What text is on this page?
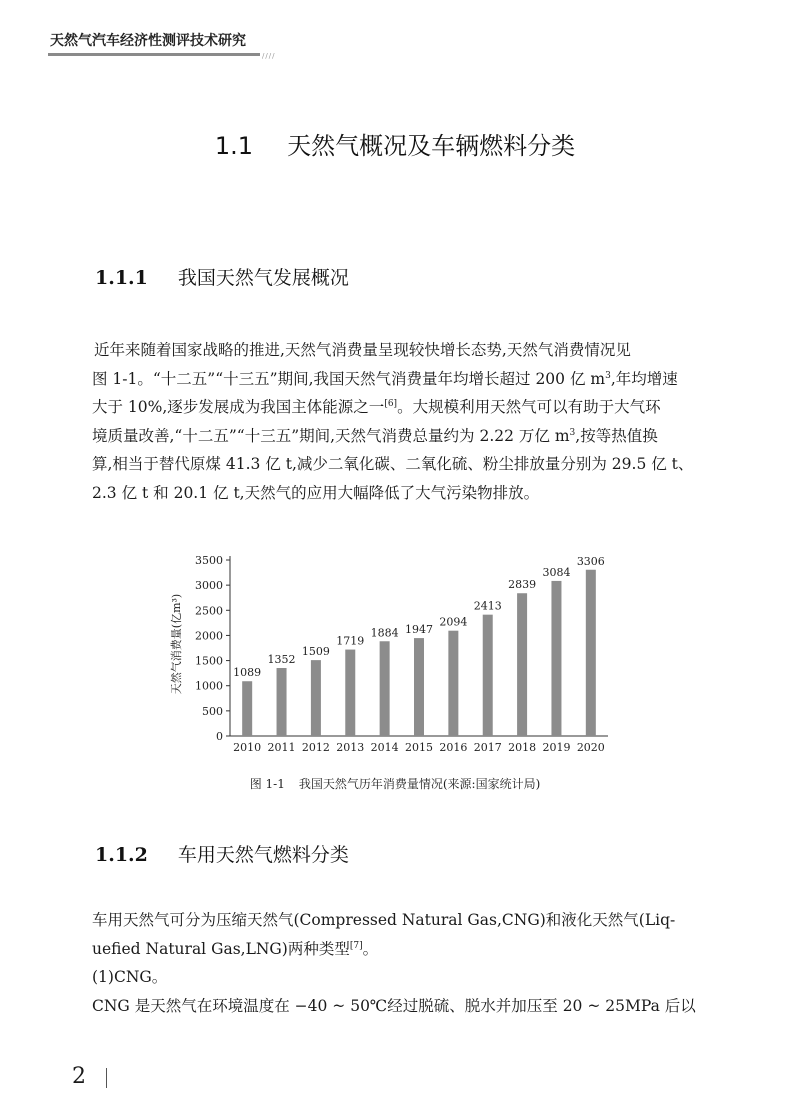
天然气汽车经济性测评技术研究
////
1.1 天然气概况及车辆燃料分类
1.1.1 我国天然气发展概况
近年来随着国家战略的推进,天然气消费量呈现较快增长态势,天然气消费情况见
图 1-1。“十二五”“十三五”期间,我国天然气消费量年均增长超过 200 亿 $m^3$,年均增速
大于 10%,逐步发展成为我国主体能源之一[6]。大规模利用天然气可以有助于大气环
境质量改善,“十二五”“十三五”期间,天然气消费总量约为 2.22 万亿 $m^3$,按等热值换
算,相当于替代原煤 41.3 亿 t,减少二氧化碳、二氧化硫、粉尘排放量分别为 29.5 亿 t、
2.3 亿 t 和 20.1 亿 t,天然气的应用大幅降低了大气污染物排放。
天然气消费量(亿m³)
0
500
1000
1500
2000
2500
3000
3500
1089
2010
1352
2011
1509
2012
1719
2013
1884
2014
1947
2015
2094
2016
2413
2017
2839
2018
3084
2019
3306
2020
图 1-1 我国天然气历年消费量情况(来源:国家统计局)
1.1.2 车用天然气燃料分类
车用天然气可分为压缩天然气(Compressed Natural Gas,CNG)和液化天然气(Liq-
uefied Natural Gas,LNG)两种类型[7]。
(1)CNG。
CNG 是天然气在环境温度在 −40 ~ 50℃经过脱硫、脱水并加压至 20 ~ 25MPa 后以
2
